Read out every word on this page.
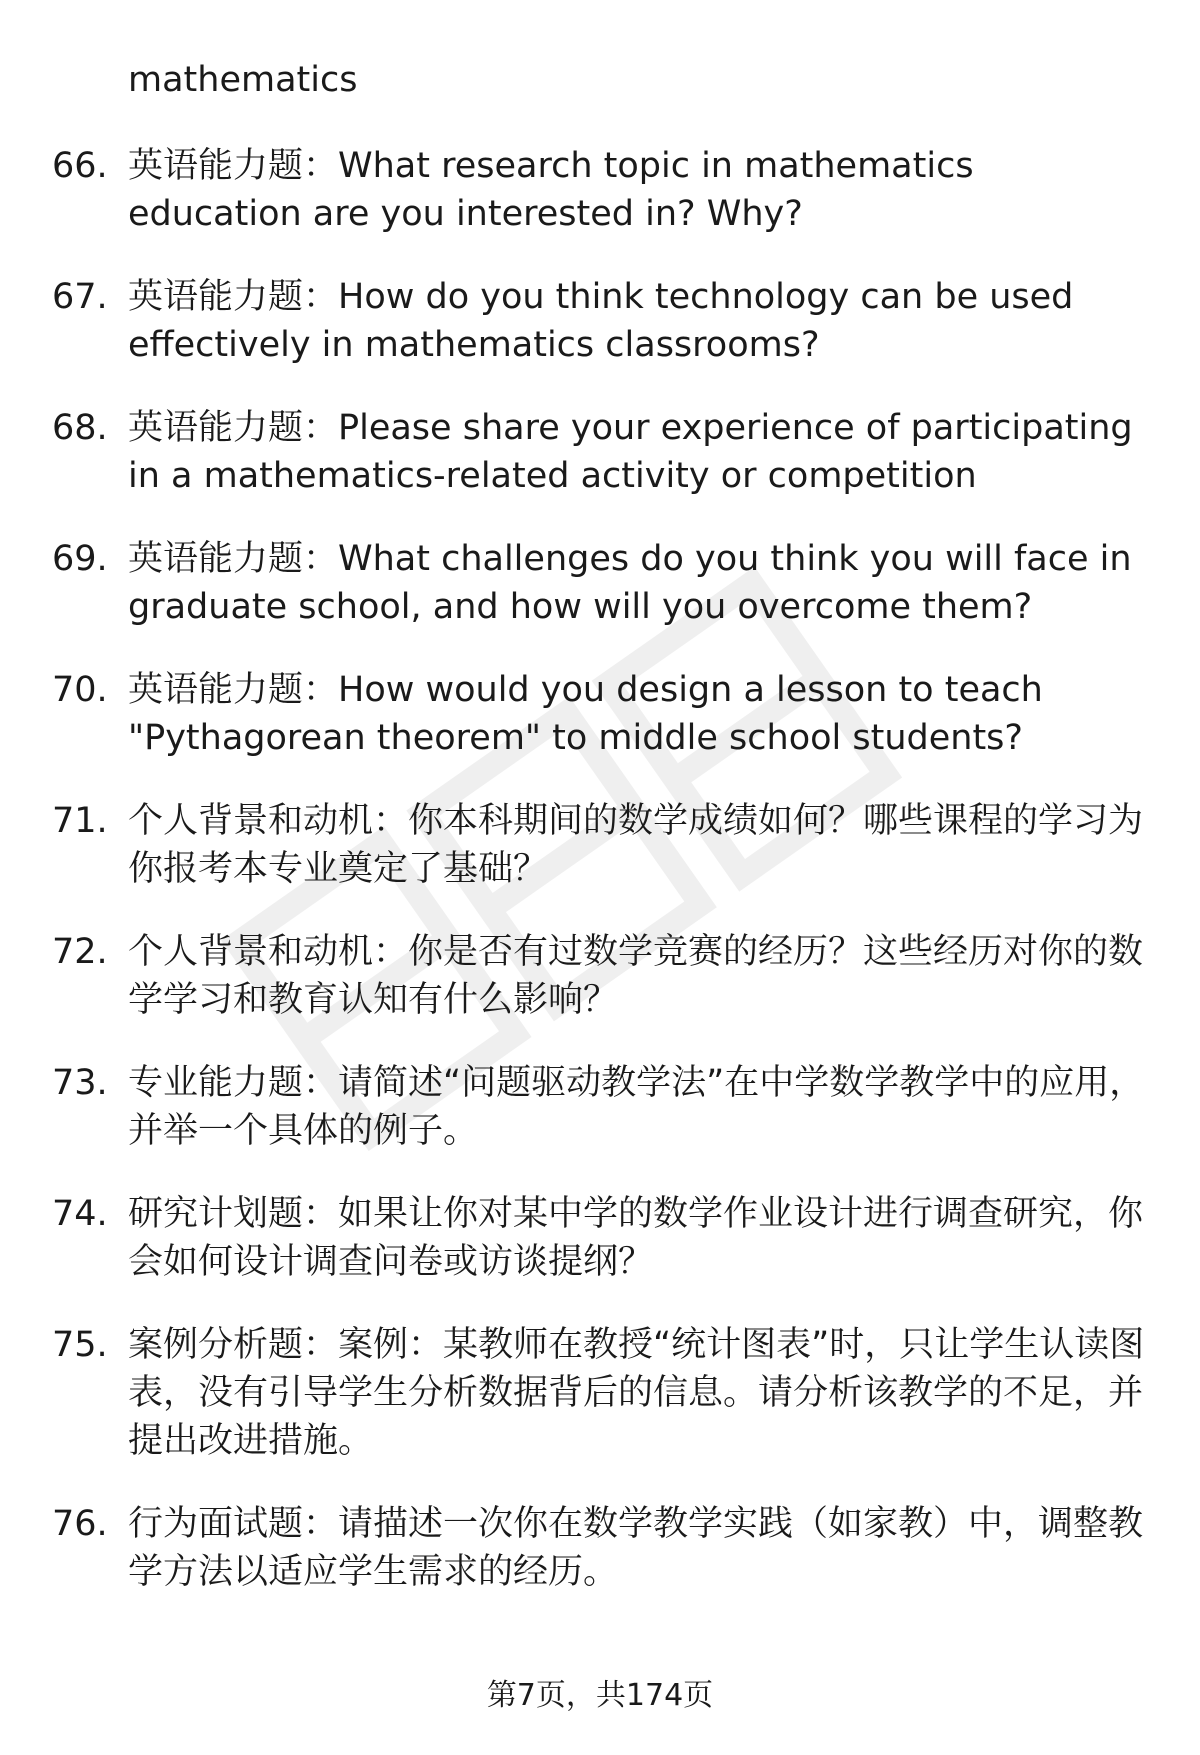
mathematics

66. 英语能力题：What research topic in mathematics education are you interested in? Why?
67. 英语能力题：How do you think technology can be used effectively in mathematics classrooms?
68. 英语能力题：Please share your experience of participating in a mathematics-related activity or competition
69. 英语能力题：What challenges do you think you will face in graduate school, and how will you overcome them?
70. 英语能力题：How would you design a lesson to teach "Pythagorean theorem" to middle school students?
71. 个人背景和动机：你本科期间的数学成绩如何？哪些课程的学习为你报考本专业奠定了基础？
72. 个人背景和动机：你是否有过数学竞赛的经历？这些经历对你的数学学习和教育认知有什么影响？
73. 专业能力题：请简述“问题驱动教学法”在中学数学教学中的应用，并举一个具体的例子。
74. 研究计划题：如果让你对某中学的数学作业设计进行调查研究，你会如何设计调查问卷或访谈提纲？
75. 案例分析题：案例：某教师在教授“统计图表”时，只让学生认读图表，没有引导学生分析数据背后的信息。请分析该教学的不足，并提出改进措施。
76. 行为面试题：请描述一次你在数学教学实践（如家教）中，调整教学方法以适应学生需求的经历。
第7页，共174页
